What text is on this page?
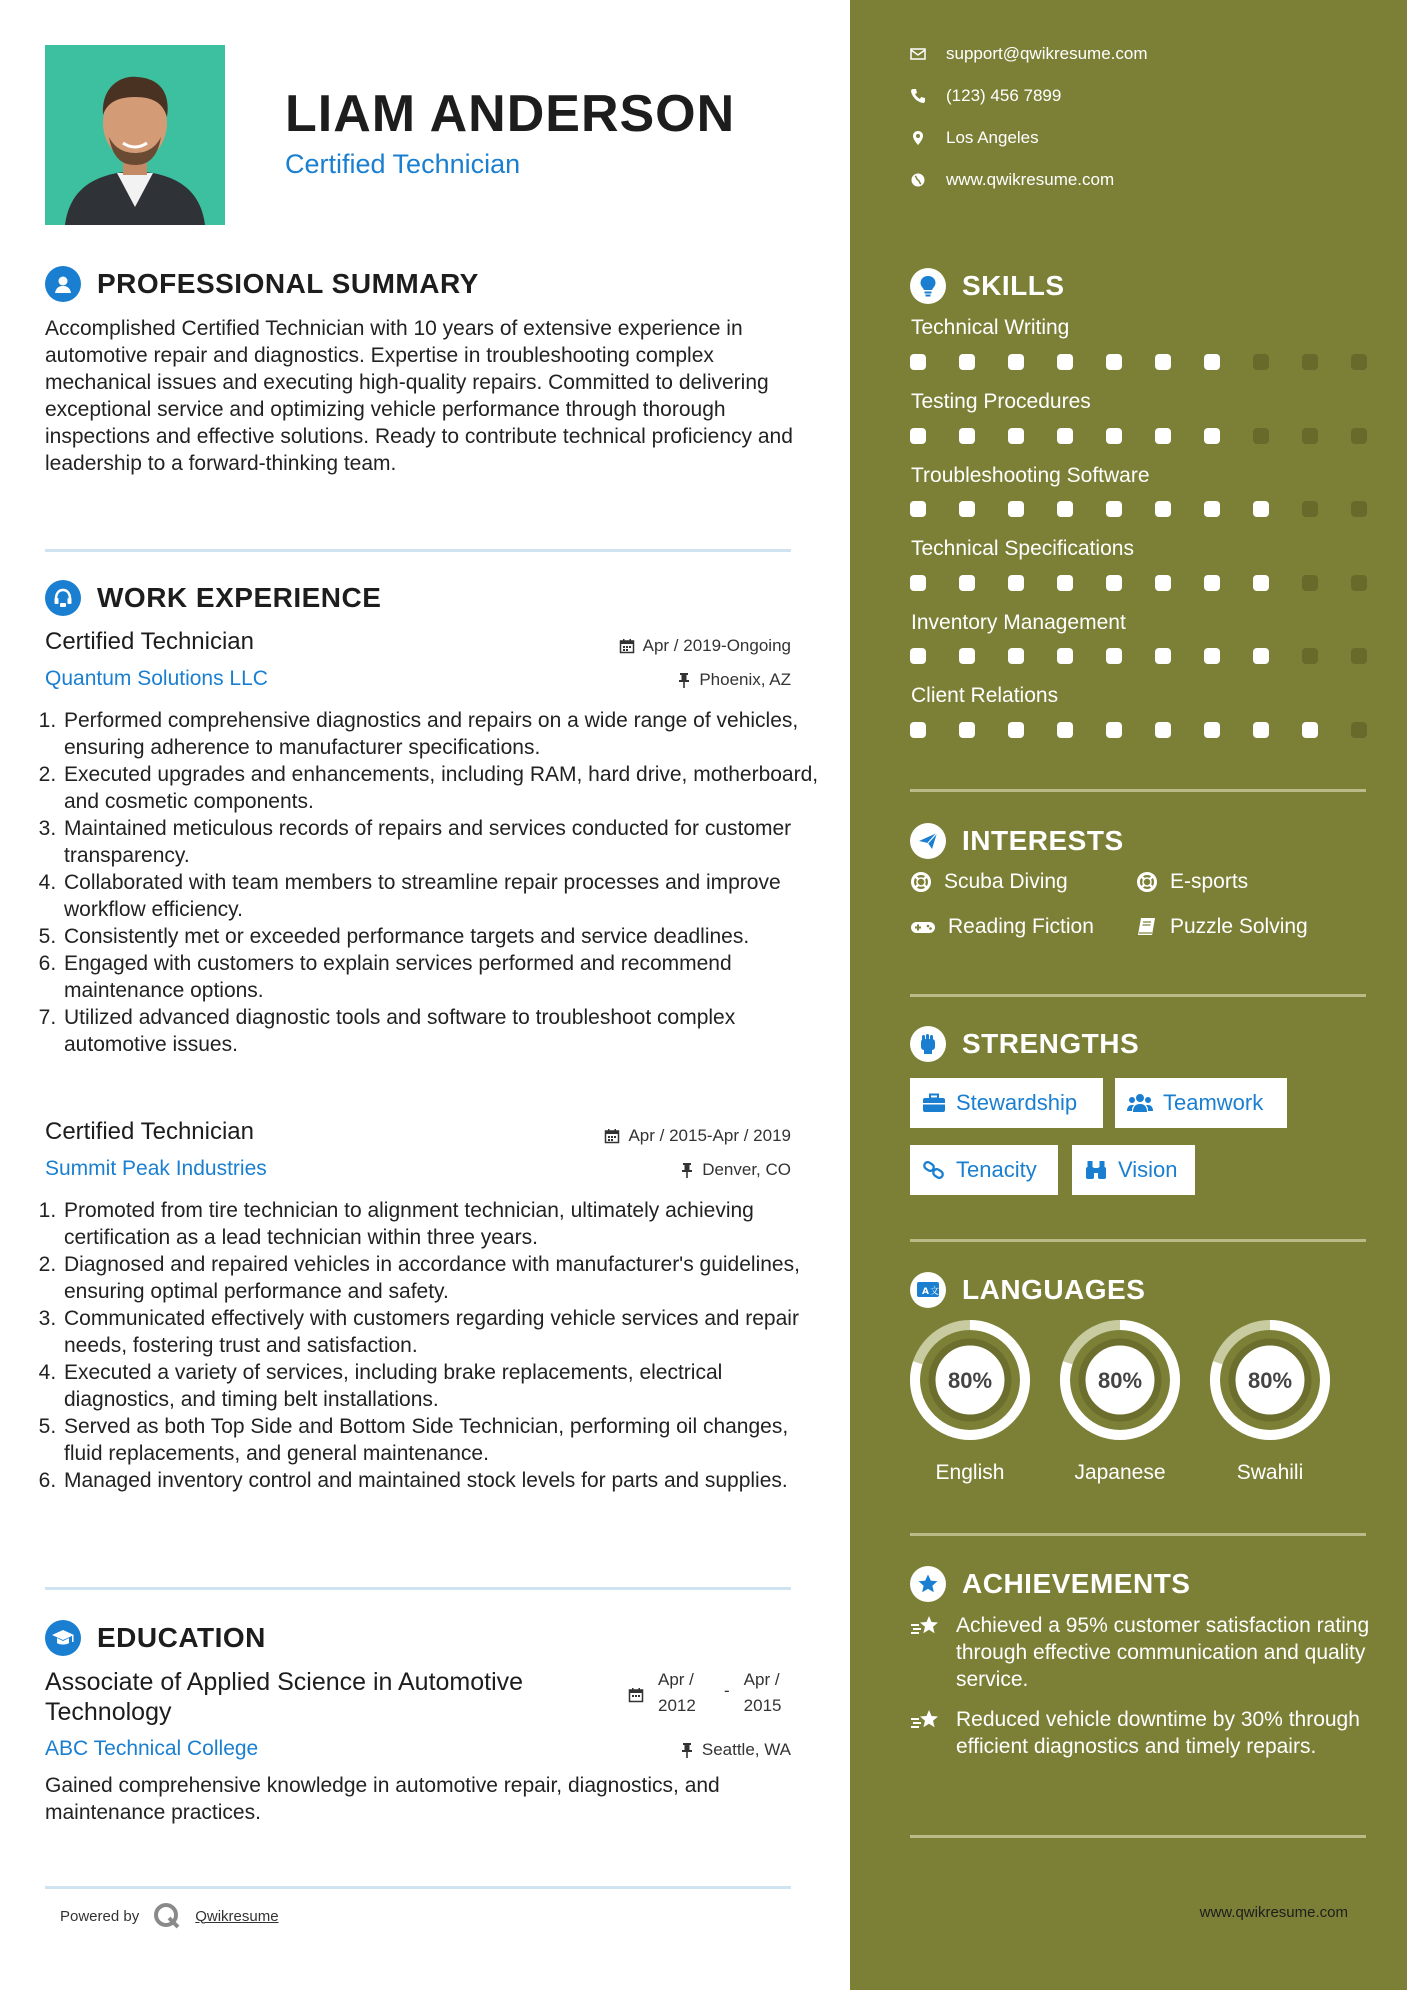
LIAM ANDERSON
Certified Technician
PROFESSIONAL SUMMARY

Accomplished Certified Technician with 10 years of extensive experience in automotive repair and diagnostics. Expertise in troubleshooting complex mechanical issues and executing high-quality repairs. Committed to delivering exceptional service and optimizing vehicle performance through thorough inspections and effective solutions. Ready to contribute technical proficiency and leadership to a forward-thinking team.

WORK EXPERIENCE
Certified Technician	Apr / 2019-Ongoing
Quantum Solutions LLC	Phoenix, AZ
1. Performed comprehensive diagnostics and repairs on a wide range of vehicles, ensuring adherence to manufacturer specifications.
2. Executed upgrades and enhancements, including RAM, hard drive, motherboard, and cosmetic components.
3. Maintained meticulous records of repairs and services conducted for customer transparency.
4. Collaborated with team members to streamline repair processes and improve workflow efficiency.
5. Consistently met or exceeded performance targets and service deadlines.
6. Engaged with customers to explain services performed and recommend maintenance options.
7. Utilized advanced diagnostic tools and software to troubleshoot complex automotive issues.
Certified Technician	Apr / 2015-Apr / 2019
Summit Peak Industries	Denver, CO
1. Promoted from tire technician to alignment technician, ultimately achieving certification as a lead technician within three years.
2. Diagnosed and repaired vehicles in accordance with manufacturer's guidelines, ensuring optimal performance and safety.
3. Communicated effectively with customers regarding vehicle services and repair needs, fostering trust and satisfaction.
4. Executed a variety of services, including brake replacements, electrical diagnostics, and timing belt installations.
5. Served as both Top Side and Bottom Side Technician, performing oil changes, fluid replacements, and general maintenance.
6. Managed inventory control and maintained stock levels for parts and supplies.
EDUCATION
Associate of Applied Science in Automotive Technology
Apr / 2012
-
Apr / 2015
ABC Technical College	Seattle, WA

Gained comprehensive knowledge in automotive repair, diagnostics, and maintenance practices.

Powered by	Qwikresume
support@qwikresume.com
(123) 456 7899
Los Angeles
www.qwikresume.com
SKILLS
Technical Writing
Testing Procedures
Troubleshooting Software
Technical Specifications
Inventory Management
Client Relations
INTERESTS
Scuba Diving	E-sports
Reading Fiction	Puzzle Solving
STRENGTHS
Stewardship	Teamwork
Tenacity	Vision
A 文 LANGUAGES
80%
English
80%
Japanese
80%
Swahili
ACHIEVEMENTS
Achieved a 95% customer satisfaction rating through effective communication and quality service.
Reduced vehicle downtime by 30% through efficient diagnostics and timely repairs.
www.qwikresume.com
